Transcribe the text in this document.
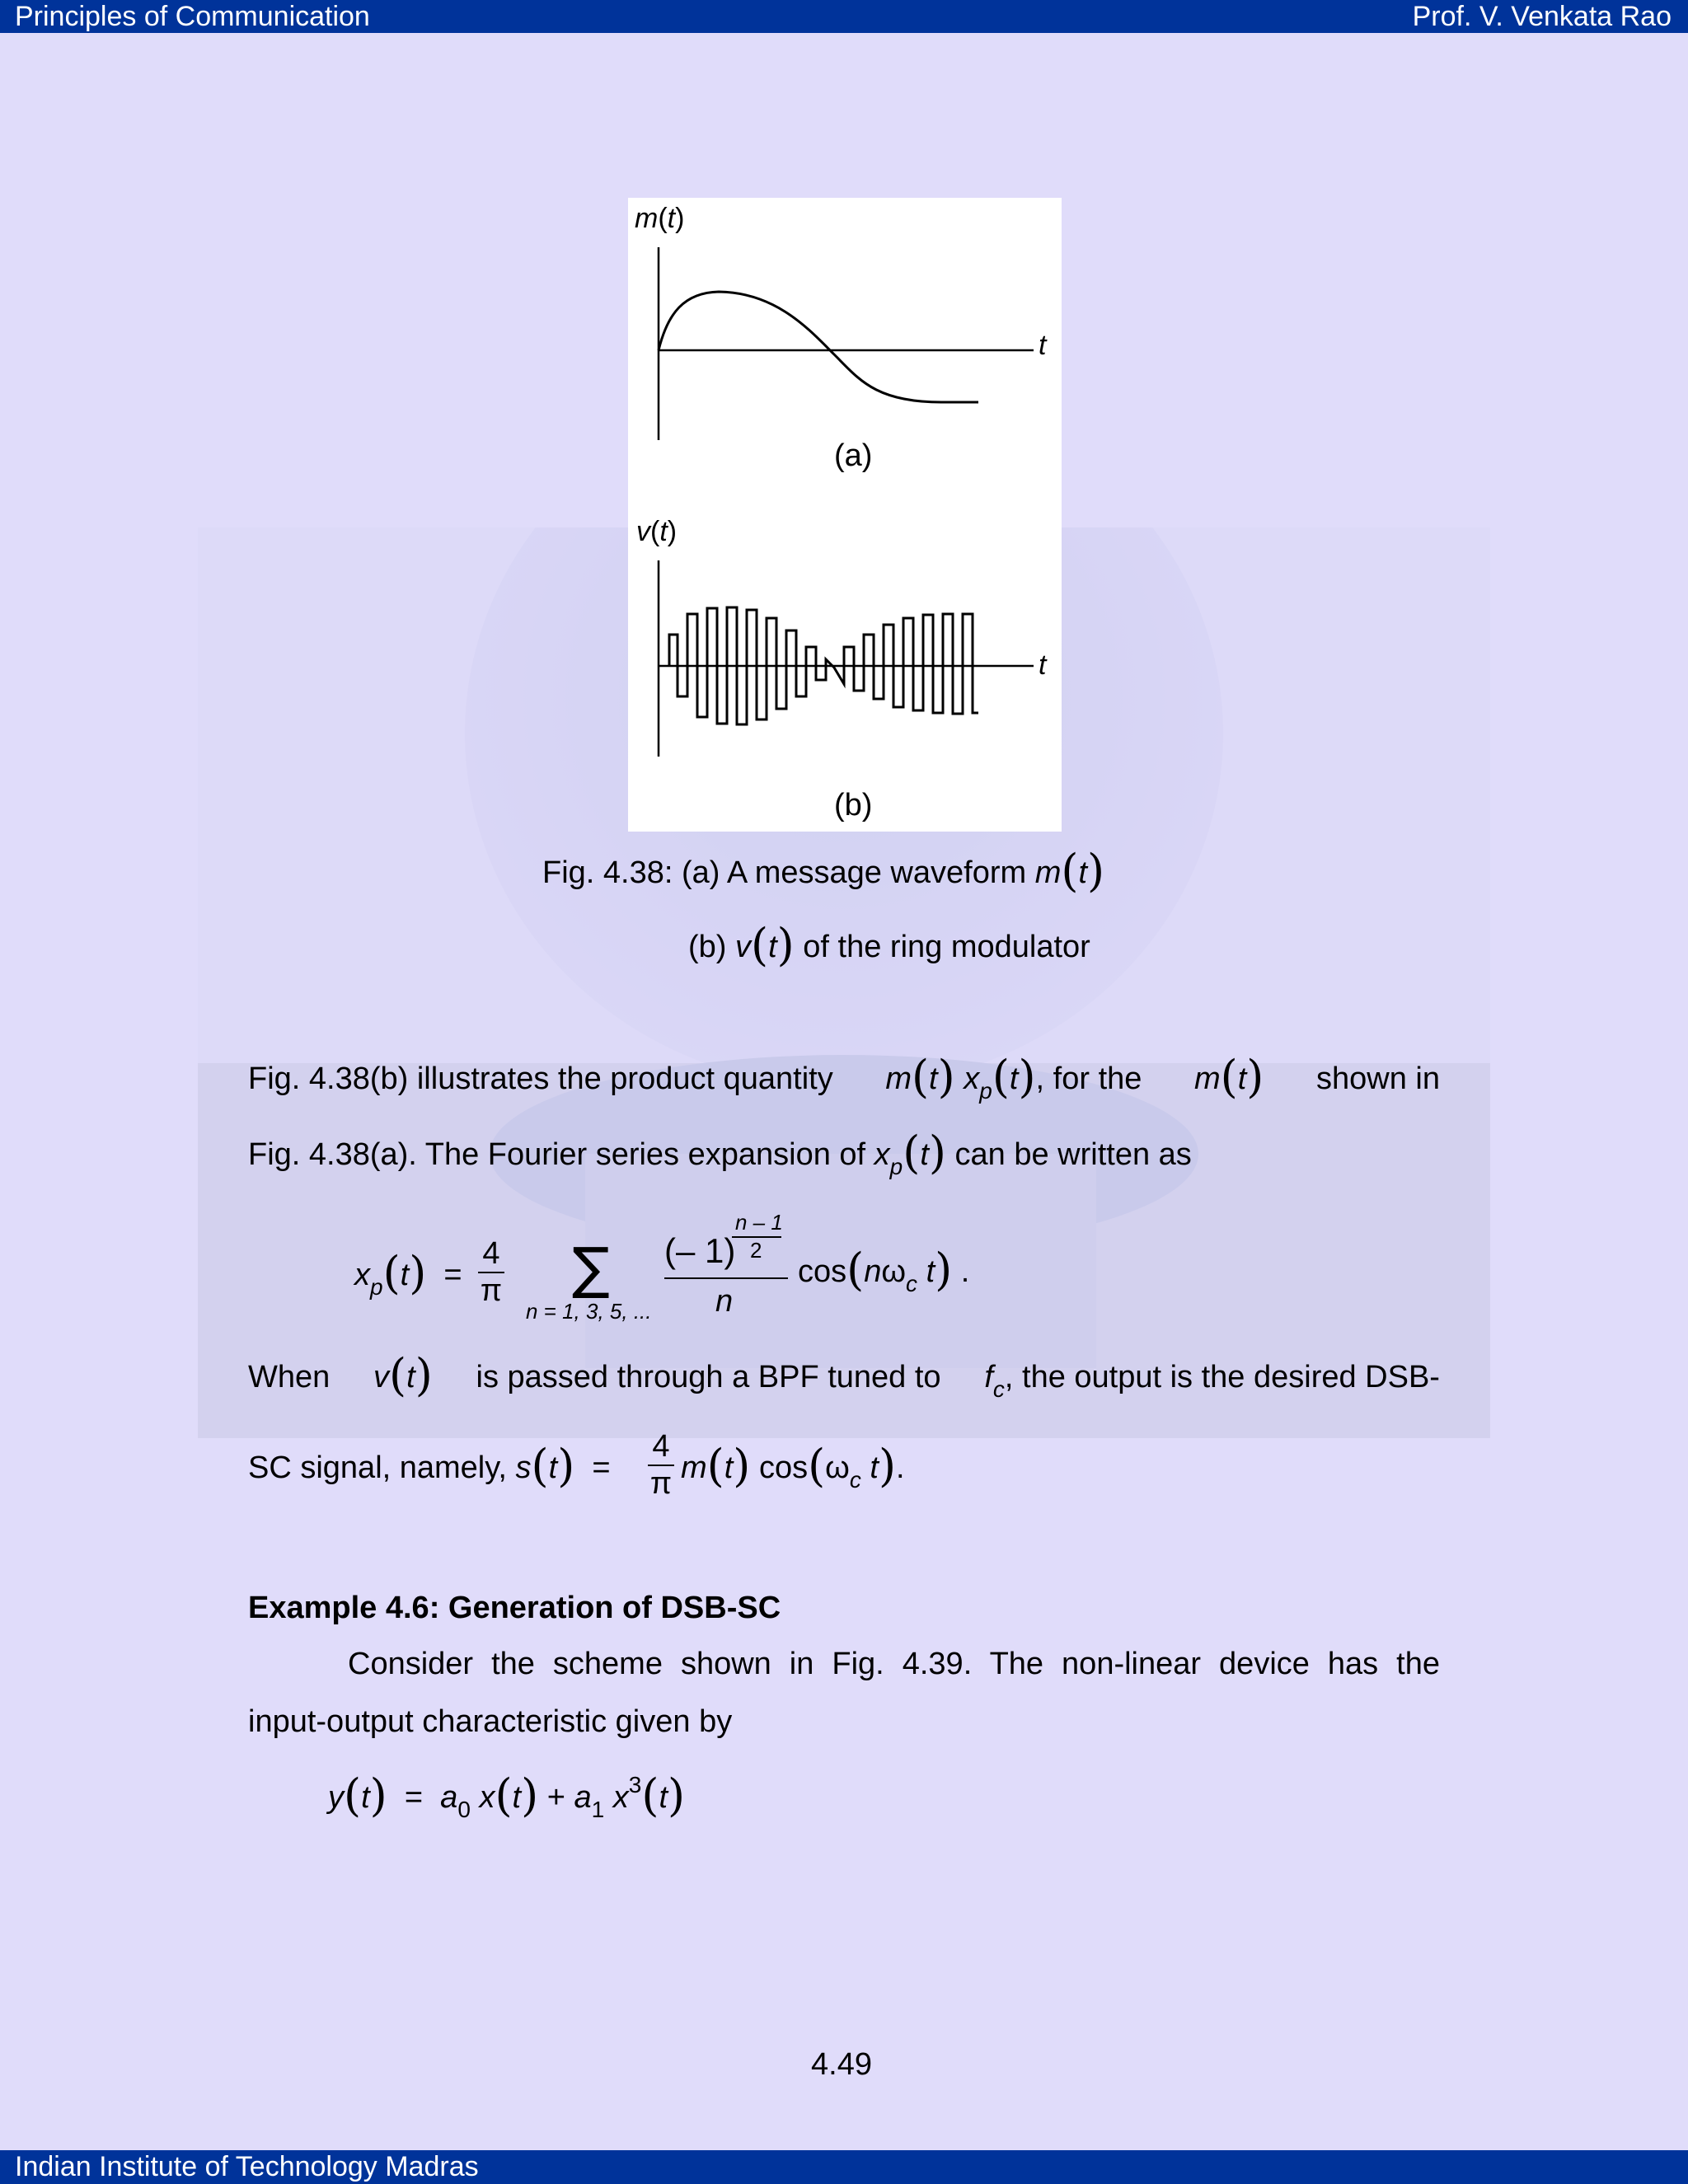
Principles of Communication	Prof. V. Venkata Rao
m(t)
t
(a)
v(t)
t
(b)
Fig. 4.38: (a) A message waveform m(t)
(b) v(t) of the ring modulator
Fig. 4.38(b) illustrates the product quantity m(t) $x_p(t)$, for the m(t) shown in
Fig. 4.38(a). The Fourier series expansion of $x_p(t)$ can be written as
$x_p(t) = \frac{4}{\pi}$ ∑
n = 1, 3, 5, ...
n – 1
2
(– 1)
n
$\cos(n\omega_c$ t) .
When v(t) is passed through a BPF tuned to $f_c$, the output is the desired DSB-
SC signal, namely, $s(t) = \frac{4}{\pi} m(t)$ $\cos(\omega_c$ t).
Example 4.6: Generation of DSB-SC
Consider the scheme shown in Fig. 4.39. The non-linear device has the
input-output characteristic given by
$y(t) = a_0$ $x(t) + a_1$ $x^3(t)$
4.49
Indian Institute of Technology Madras
